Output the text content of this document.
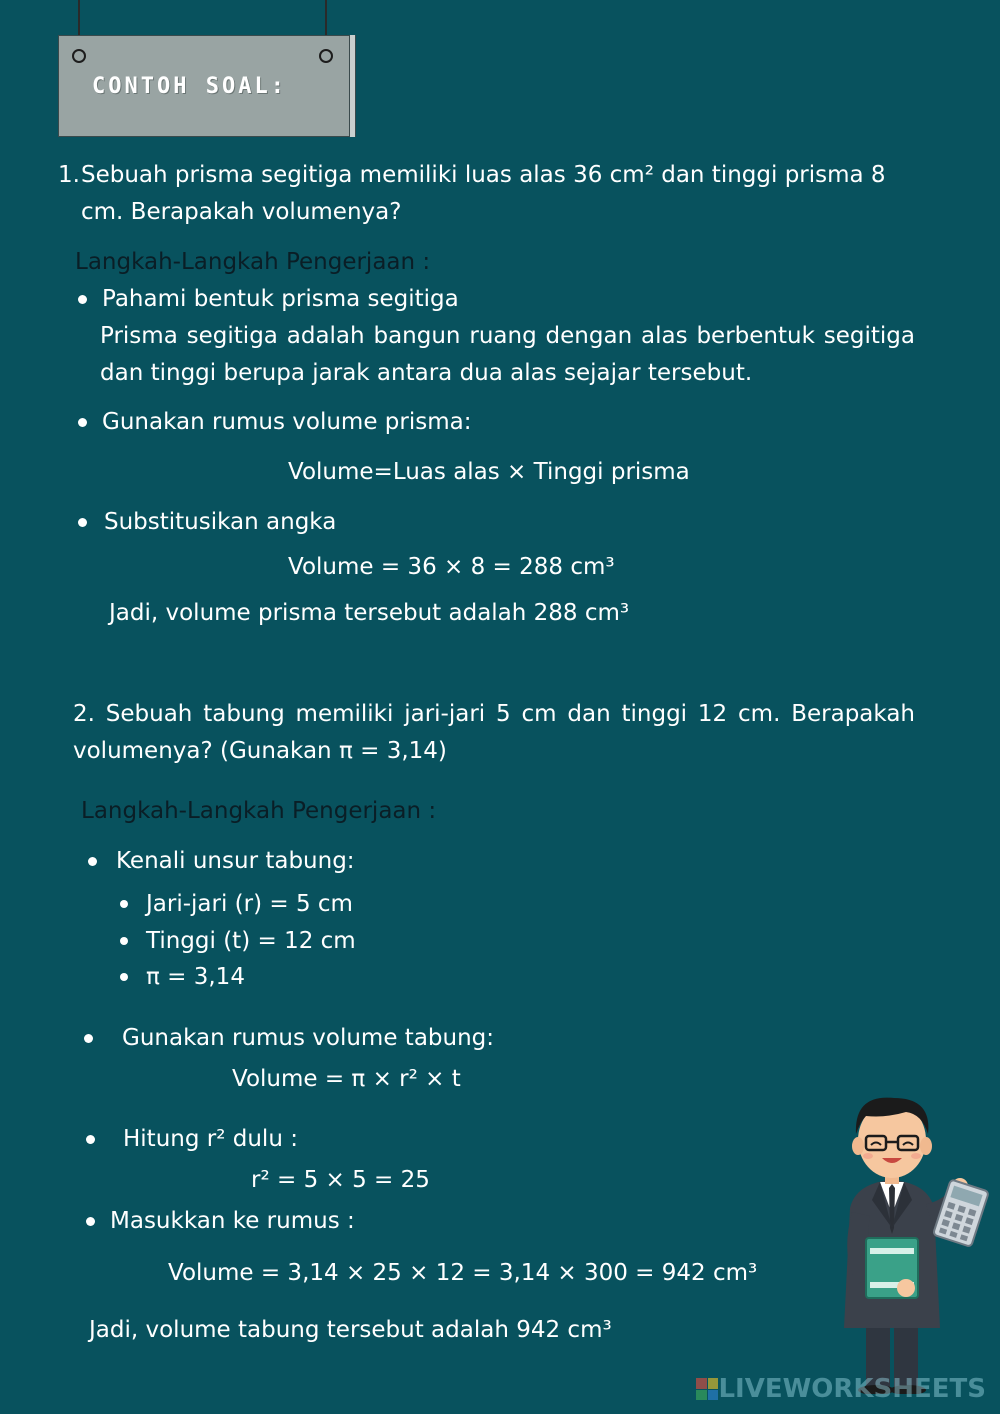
CONTOH SOAL:
1. Sebuah prisma segitiga memiliki luas alas 36 cm² dan tinggi prisma 8
cm. Berapakah volumenya?
Langkah-Langkah Pengerjaan :
Pahami bentuk prisma segitiga
Prisma segitiga adalah bangun ruang dengan alas berbentuk segitiga dan tinggi berupa jarak antara dua alas sejajar tersebut.
Gunakan rumus volume prisma:
Volume=Luas alas × Tinggi prisma
Substitusikan angka
Volume = 36 × 8 = 288 cm³
Jadi, volume prisma tersebut adalah 288 cm³
2. Sebuah tabung memiliki jari-jari 5 cm dan tinggi 12 cm. Berapakah volumenya? (Gunakan π = 3,14)
Langkah-Langkah Pengerjaan :
Kenali unsur tabung:
Jari-jari (r) = 5 cm
Tinggi (t) = 12 cm
π = 3,14
Gunakan rumus volume tabung:
Volume = π × r² × t
Hitung r² dulu :
r² = 5 × 5 = 25
Masukkan ke rumus :
Volume = 3,14 × 25 × 12 = 3,14 × 300 = 942 cm³
Jadi, volume tabung tersebut adalah 942 cm³
LIVEWORKSHEETS
